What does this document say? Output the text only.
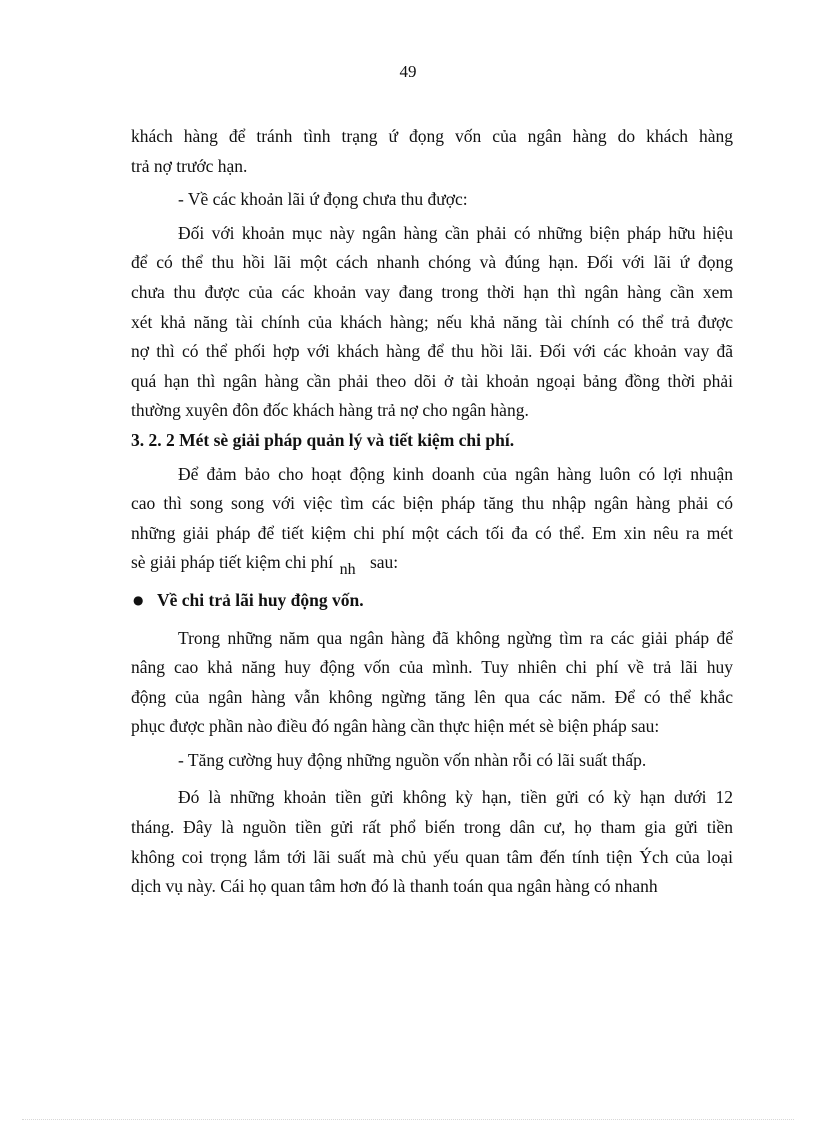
49
khách hàng để tránh tình trạng ứ đọng vốn của ngân hàng do khách hàng
trả nợ trước hạn.
- Về các khoản lãi ứ đọng chưa thu được:
Đối với khoản mục này ngân hàng cần phải có những biện pháp hữu hiệu
để có thể thu hồi lãi một cách nhanh chóng và đúng hạn. Đối với lãi ứ đọng
chưa thu được của các khoản vay đang trong thời hạn thì ngân hàng cần xem
xét khả năng tài chính của khách hàng; nếu khả năng tài chính có thể trả được
nợ thì có thể phối hợp với khách hàng để thu hồi lãi. Đối với các khoản vay đã
quá hạn thì ngân hàng cần phải theo dõi ở tài khoản ngoại bảng đồng thời phải
thường xuyên đôn đốc khách hàng trả nợ cho ngân hàng.
3. 2. 2 Mét sè giải pháp quản lý và tiết kiệm chi phí.
Để đảm bảo cho hoạt động kinh doanh của ngân hàng luôn có lợi nhuận
cao thì song song với việc tìm các biện pháp tăng thu nhập ngân hàng phải có
những giải pháp để tiết kiệm chi phí một cách tối đa có thể. Em xin nêu ra mét
sè giải pháp tiết kiệm chi phí nh sau:
● Về chi trả lãi huy động vốn.
Trong những năm qua ngân hàng đã không ngừng tìm ra các giải pháp để
nâng cao khả năng huy động vốn của mình. Tuy nhiên chi phí về trả lãi huy
động của ngân hàng vẫn không ngừng tăng lên qua các năm. Để có thể khắc
phục được phần nào điều đó ngân hàng cần thực hiện mét sè biện pháp sau:
- Tăng cường huy động những nguồn vốn nhàn rỗi có lãi suất thấp.
Đó là những khoản tiền gửi không kỳ hạn, tiền gửi có kỳ hạn dưới 12
tháng. Đây là nguồn tiền gửi rất phổ biến trong dân cư, họ tham gia gửi tiền
không coi trọng lắm tới lãi suất mà chủ yếu quan tâm đến tính tiện Ých của loại
dịch vụ này. Cái họ quan tâm hơn đó là thanh toán qua ngân hàng có nhanh
